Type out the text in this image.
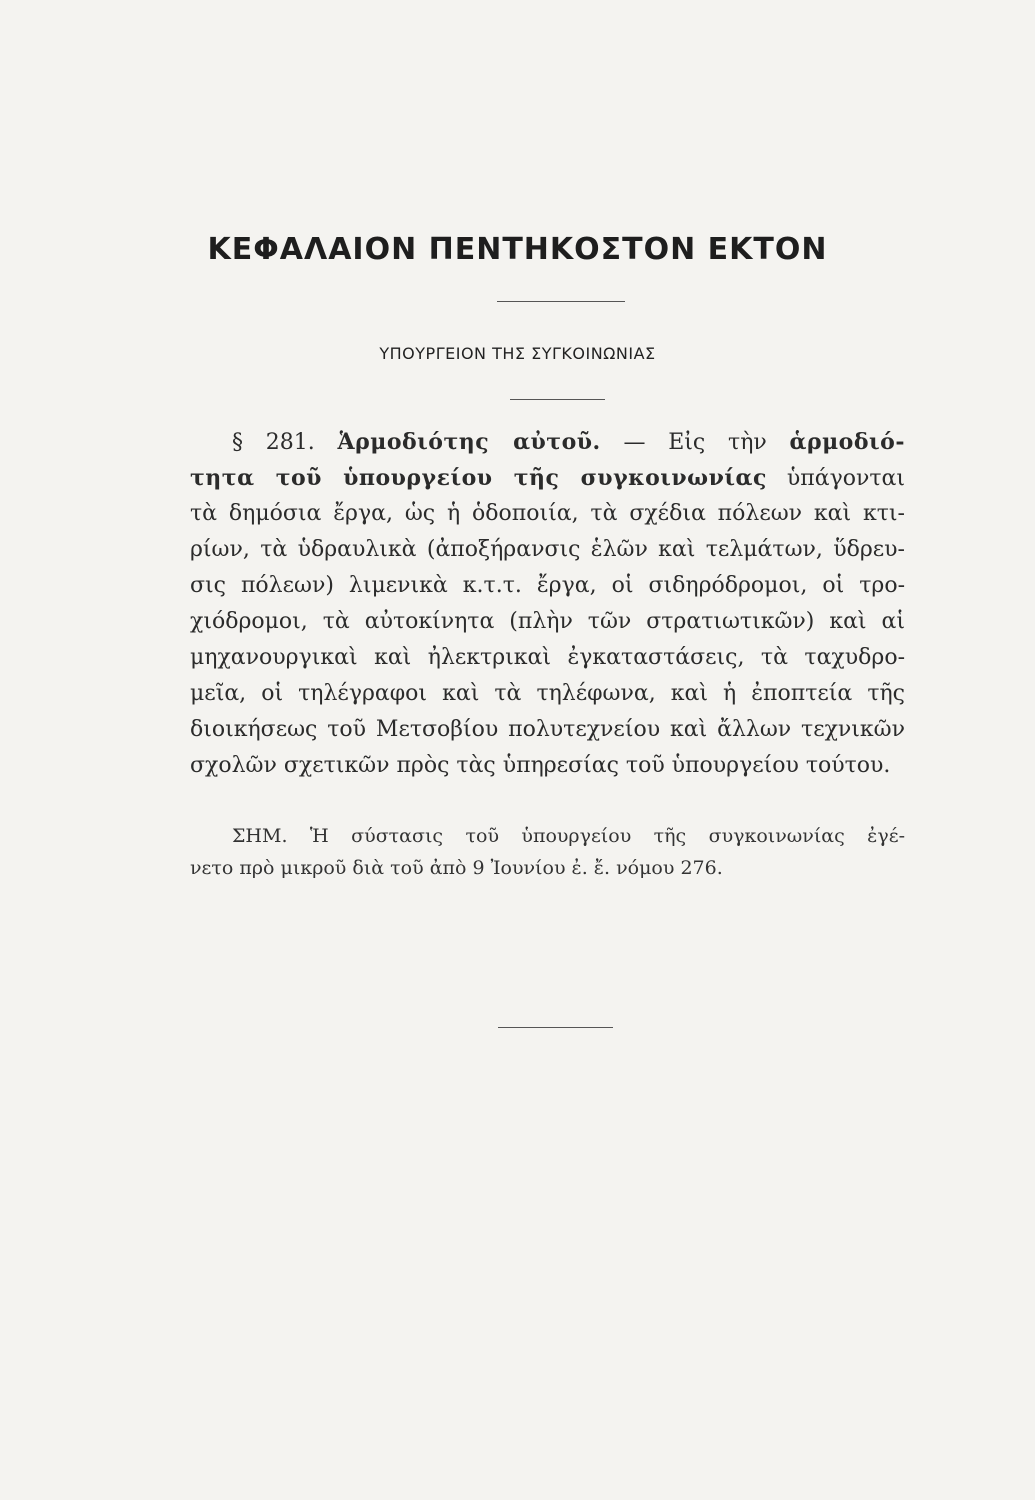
ΚΕΦΑΛΑΙΟΝ ΠΕΝΤΗΚΟΣΤΟΝ ΕΚΤΟΝ
ΥΠΟΥΡΓΕΙΟΝ ΤΗΣ ΣΥΓΚΟΙΝΩΝΙΑΣ
§ 281. Ἁρμοδιότης αὐτοῦ. — Εἰς τὴν ἁρμοδιό-
τητα τοῦ ὑπουργείου τῆς συγκοινωνίας ὑπάγονται
τὰ δημόσια ἔργα, ὡς ἡ ὁδοποιία, τὰ σχέδια πόλεων καὶ κτι-
ρίων, τὰ ὑδραυλικὰ (ἀποξήρανσις ἑλῶν καὶ τελμάτων, ὕδρευ-
σις πόλεων) λιμενικὰ κ.τ.τ. ἔργα, οἱ σιδηρόδρομοι, οἱ τρο-
χιόδρομοι, τὰ αὐτοκίνητα (πλὴν τῶν στρατιωτικῶν) καὶ αἱ
μηχανουργικαὶ καὶ ἠλεκτρικαὶ ἐγκαταστάσεις, τὰ ταχυδρο-
μεῖα, οἱ τηλέγραφοι καὶ τὰ τηλέφωνα, καὶ ἡ ἐποπτεία τῆς
διοικήσεως τοῦ Μετσοβίου πολυτεχνείου καὶ ἄλλων τεχνικῶν
σχολῶν σχετικῶν πρὸς τὰς ὑπηρεσίας τοῦ ὑπουργείου τούτου.
ΣΗΜ. Ἡ σύστασις τοῦ ὑπουργείου τῆς συγκοινωνίας ἐγέ-
νετο πρὸ μικροῦ διὰ τοῦ ἀπὸ 9 Ἰουνίου ἐ. ἔ. νόμου 276.
